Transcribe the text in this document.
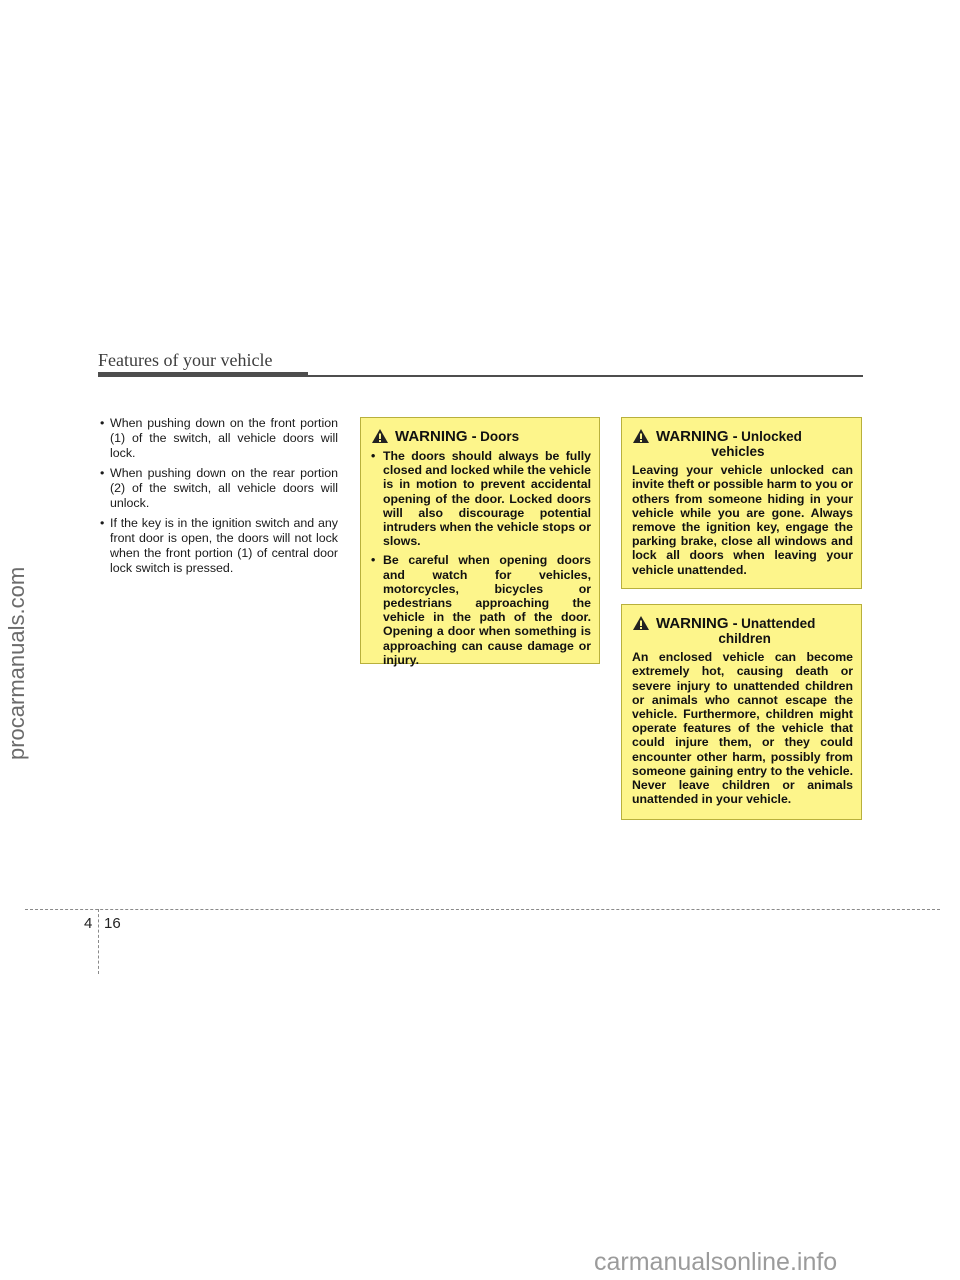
Features of your vehicle
• When pushing down on the front portion (1) of the switch, all vehicle doors will lock.
• When pushing down on the rear portion (2) of the switch, all vehicle doors will unlock.
• If the key is in the ignition switch and any front door is open, the doors will not lock when the front portion (1) of central door lock switch is pressed.
WARNING - Doors
• The doors should always be fully closed and locked while the vehicle is in motion to prevent accidental opening of the door. Locked doors will also discourage potential intruders when the vehicle stops or slows.
• Be careful when opening doors and watch for vehicles, motorcycles, bicycles or pedestrians approaching the vehicle in the path of the door. Opening a door when something is approaching can cause damage or injury.
WARNING - Unlocked
vehicles

Leaving your vehicle unlocked can invite theft or possible harm to you or others from someone hiding in your vehicle while you are gone. Always remove the ignition key, engage the parking brake, close all windows and lock all doors when leaving your vehicle unattended.

WARNING - Unattended
children

An enclosed vehicle can become extremely hot, causing death or severe injury to unattended children or animals who cannot escape the vehicle. Furthermore, children might operate features of the vehicle that could injure them, or they could encounter other harm, possibly from someone gaining entry to the vehicle. Never leave children or animals unattended in your vehicle.

4 16
procarmanuals.com
carmanualsonline.info
